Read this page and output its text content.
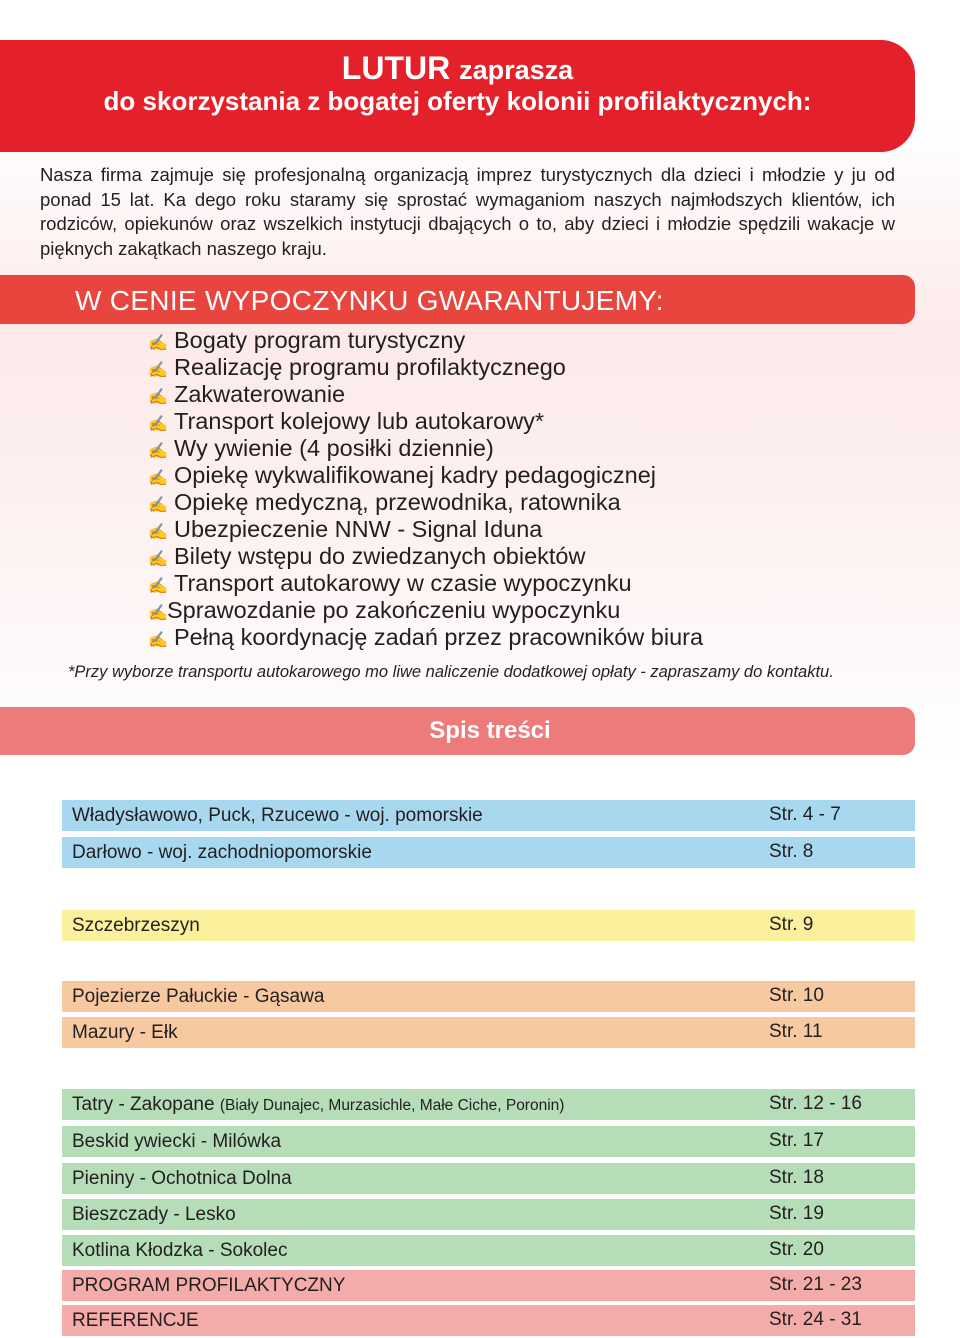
LUTUR zaprasza
do skorzystania z bogatej oferty kolonii profilaktycznych:

Nasza firma zajmuje się profesjonalną organizacją imprez turystycznych dla dzieci i młodzie y ju od ponad 15 lat. Ka dego roku staramy się sprostać wymaganiom naszych najmłodszych klientów, ich rodziców, opiekunów oraz wszelkich instytucji dbających o to, aby dzieci i młodzie spędzili wakacje w pięknych zakątkach naszego kraju.

W CENIE WYPOCZYNKU GWARANTUJEMY:
✍ Bogaty program turystyczny
✍ Realizację programu profilaktycznego
✍ Zakwaterowanie
✍ Transport kolejowy lub autokarowy*
✍ Wy ywienie (4 posiłki dziennie)
✍ Opiekę wykwalifikowanej kadry pedagogicznej
✍ Opiekę medyczną, przewodnika, ratownika
✍ Ubezpieczenie NNW - Signal Iduna
✍ Bilety wstępu do zwiedzanych obiektów
✍ Transport autokarowy w czasie wypoczynku
✍Sprawozdanie po zakończeniu wypoczynku
✍ Pełną koordynację zadań przez pracowników biura
*Przy wyborze transportu autokarowego mo liwe naliczenie dodatkowej opłaty - zapraszamy do kontaktu.
Spis treści
Władysławowo, Puck, Rzucewo - woj. pomorskie	Str. 4 - 7
Darłowo - woj. zachodniopomorskie	Str. 8
Szczebrzeszyn	Str. 9
Pojezierze Pałuckie - Gąsawa	Str. 10
Mazury - Ełk	Str. 11
Tatry - Zakopane (Biały Dunajec, Murzasichle, Małe Ciche, Poronin)	Str. 12 - 16
Beskid ywiecki - Milówka	Str. 17
Pieniny - Ochotnica Dolna	Str. 18
Bieszczady - Lesko	Str. 19
Kotlina Kłodzka - Sokolec	Str. 20
PROGRAM PROFILAKTYCZNY	Str. 21 - 23
REFERENCJE	Str. 24 - 31
